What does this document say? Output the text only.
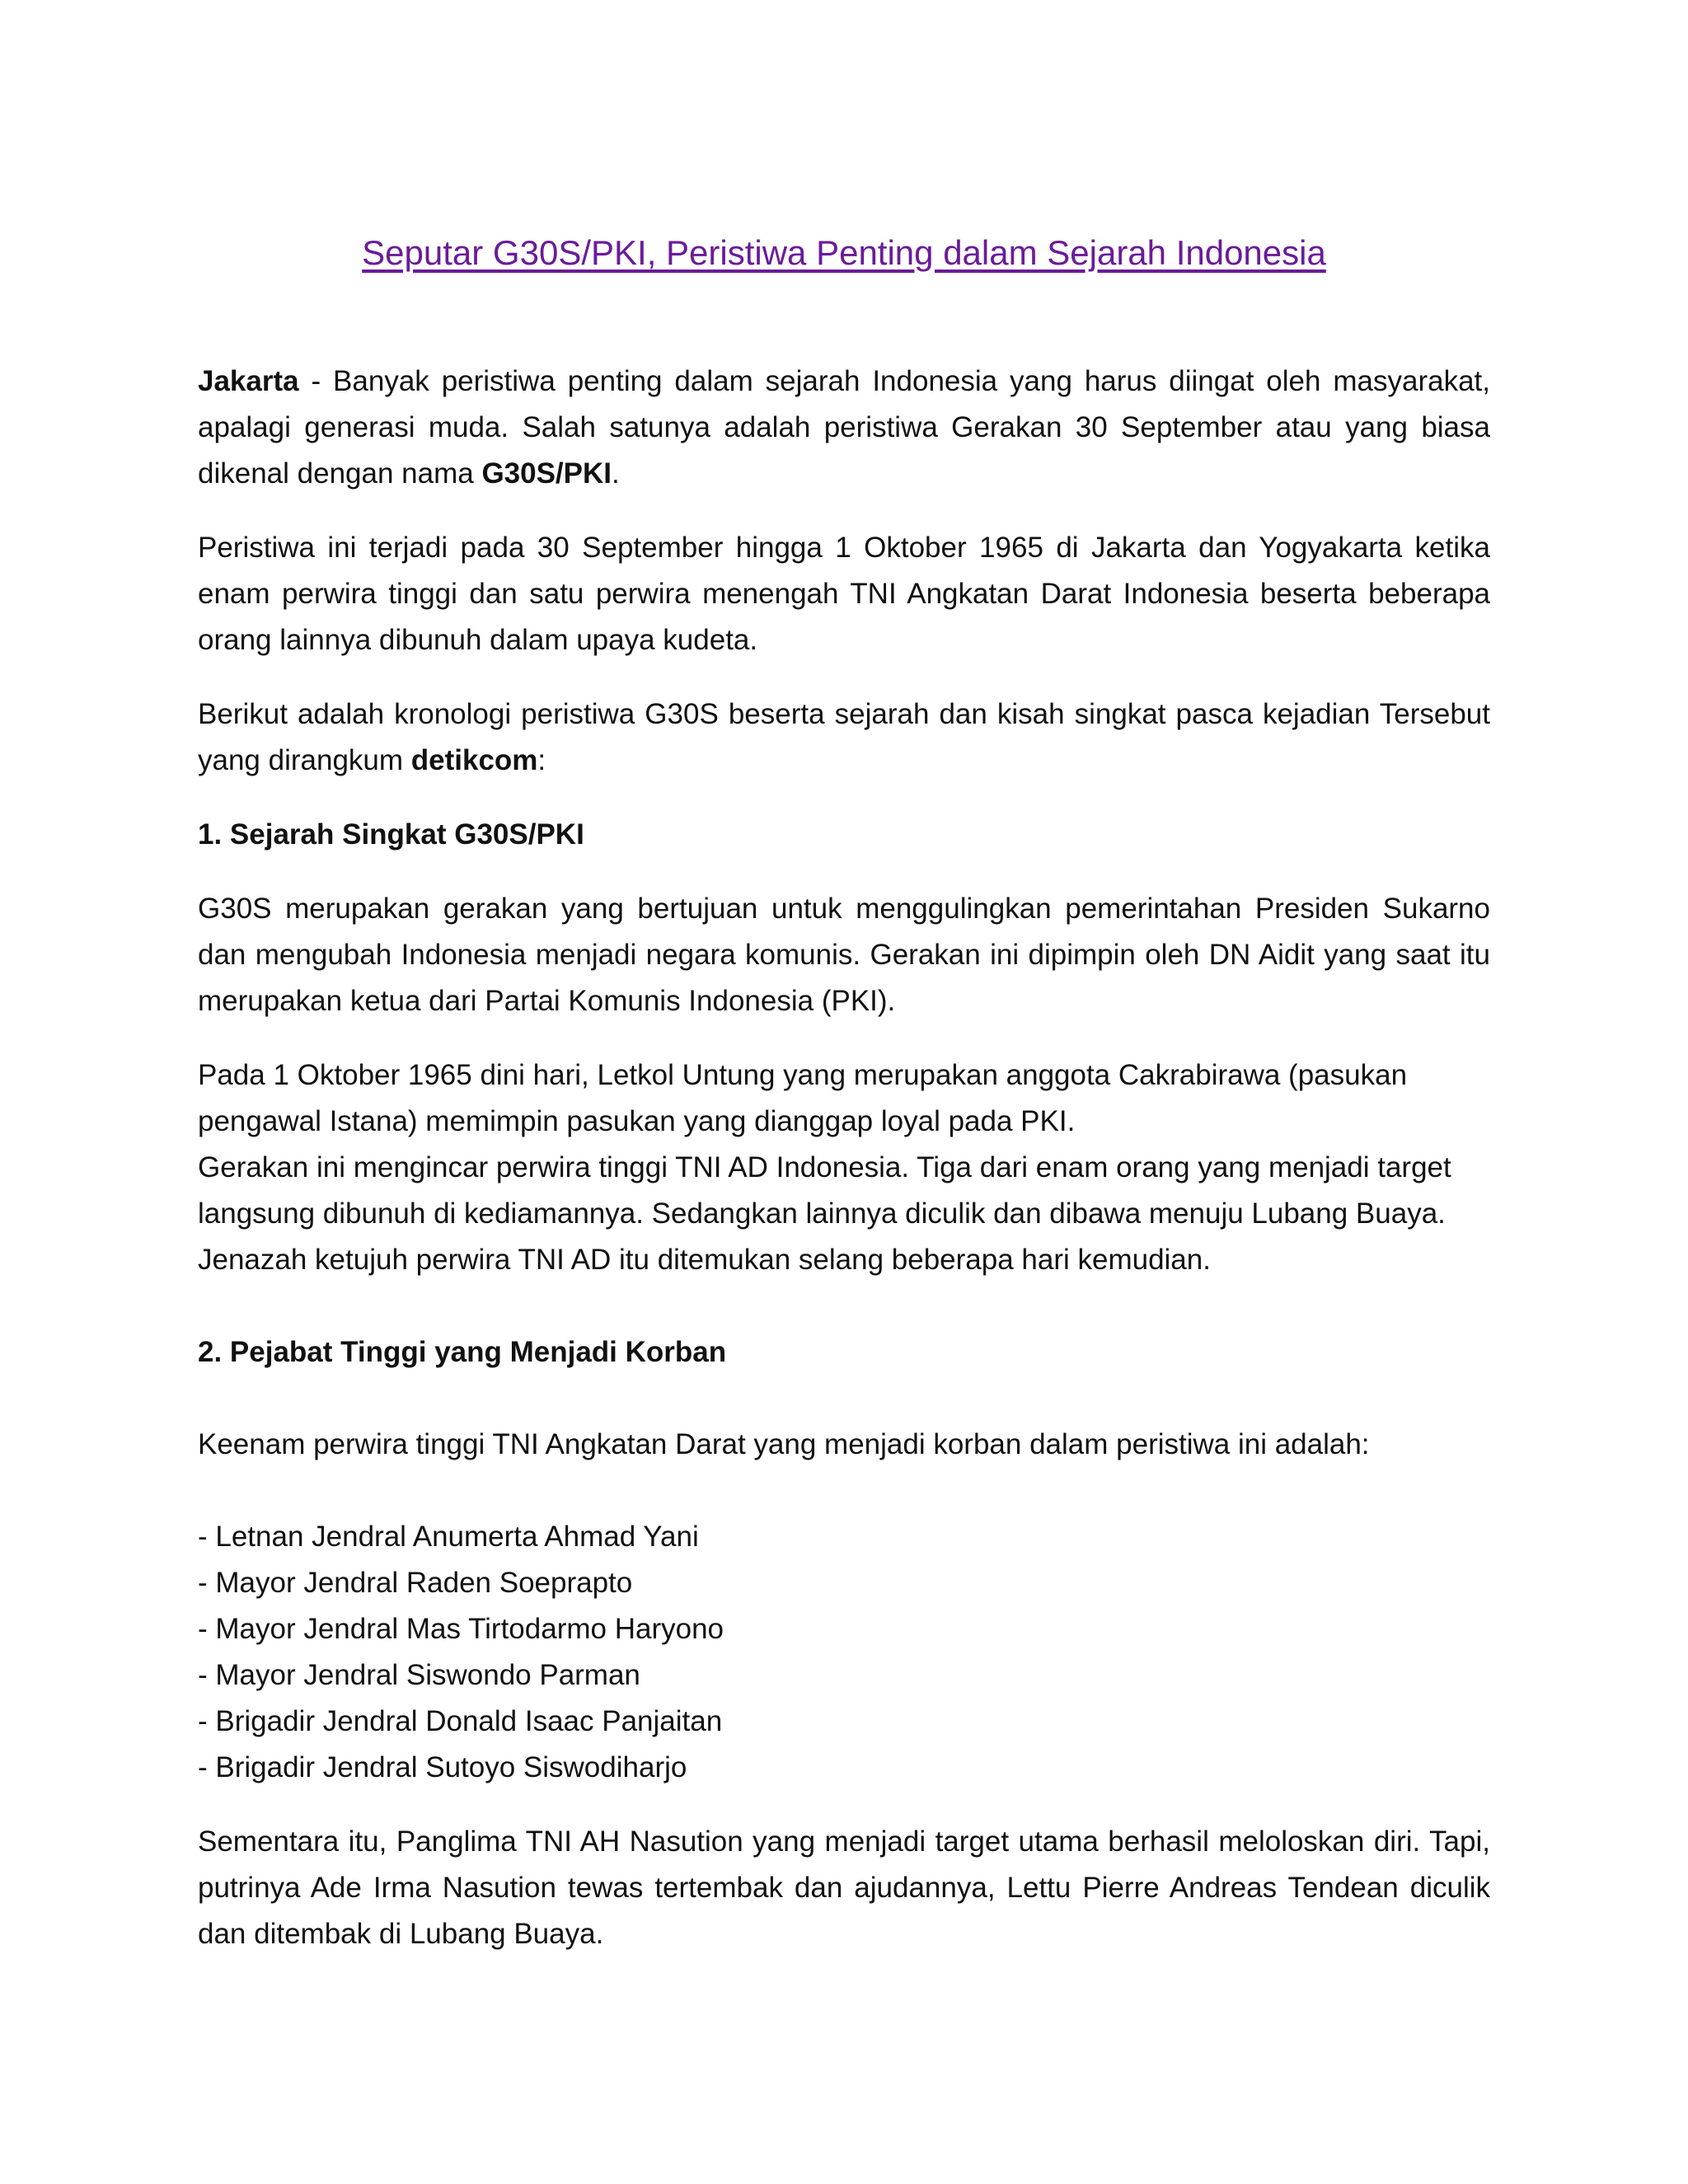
Seputar G30S/PKI, Peristiwa Penting dalam Sejarah Indonesia

Jakarta - Banyak peristiwa penting dalam sejarah Indonesia yang harus diingat oleh masyarakat, apalagi generasi muda. Salah satunya adalah peristiwa Gerakan 30 September atau yang biasa dikenal dengan nama G30S/PKI.

Peristiwa ini terjadi pada 30 September hingga 1 Oktober 1965 di Jakarta dan Yogyakarta ketika enam perwira tinggi dan satu perwira menengah TNI Angkatan Darat Indonesia beserta beberapa orang lainnya dibunuh dalam upaya kudeta.

Berikut adalah kronologi peristiwa G30S beserta sejarah dan kisah singkat pasca kejadian Tersebut yang dirangkum detikcom:

1. Sejarah Singkat G30S/PKI

G30S merupakan gerakan yang bertujuan untuk menggulingkan pemerintahan Presiden Sukarno dan mengubah Indonesia menjadi negara komunis. Gerakan ini dipimpin oleh DN Aidit yang saat itu merupakan ketua dari Partai Komunis Indonesia (PKI).

Pada 1 Oktober 1965 dini hari, Letkol Untung yang merupakan anggota Cakrabirawa (pasukan pengawal Istana) memimpin pasukan yang dianggap loyal pada PKI.
Gerakan ini mengincar perwira tinggi TNI AD Indonesia. Tiga dari enam orang yang menjadi target langsung dibunuh di kediamannya. Sedangkan lainnya diculik dan dibawa menuju Lubang Buaya. Jenazah ketujuh perwira TNI AD itu ditemukan selang beberapa hari kemudian.

2. Pejabat Tinggi yang Menjadi Korban

Keenam perwira tinggi TNI Angkatan Darat yang menjadi korban dalam peristiwa ini adalah:

- Letnan Jendral Anumerta Ahmad Yani
- Mayor Jendral Raden Soeprapto
- Mayor Jendral Mas Tirtodarmo Haryono
- Mayor Jendral Siswondo Parman
- Brigadir Jendral Donald Isaac Panjaitan
- Brigadir Jendral Sutoyo Siswodiharjo

Sementara itu, Panglima TNI AH Nasution yang menjadi target utama berhasil meloloskan diri. Tapi, putrinya Ade Irma Nasution tewas tertembak dan ajudannya, Lettu Pierre Andreas Tendean diculik dan ditembak di Lubang Buaya.
